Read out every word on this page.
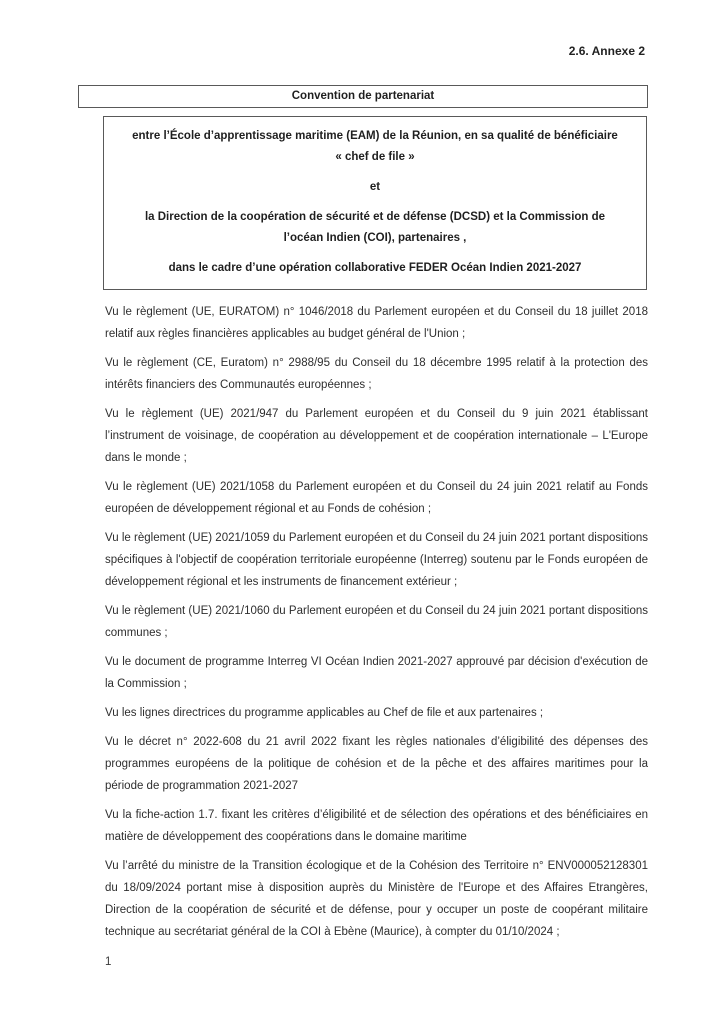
2.6. Annexe 2
Convention de partenariat

entre l’École d’apprentissage maritime (EAM) de la Réunion, en sa qualité de bénéficiaire « chef de file »

et

la Direction de la coopération de sécurité et de défense (DCSD) et la Commission de l’océan Indien (COI), partenaires ,

dans le cadre d’une opération collaborative FEDER Océan Indien 2021-2027

Vu le règlement (UE, EURATOM) n° 1046/2018 du Parlement européen et du Conseil du 18 juillet 2018 relatif aux règles financières applicables au budget général de l'Union ;

Vu le règlement (CE, Euratom) n° 2988/95 du Conseil du 18 décembre 1995 relatif à la protection des intérêts financiers des Communautés européennes ;

Vu le règlement (UE) 2021/947 du Parlement européen et du Conseil du 9 juin 2021 établissant l’instrument de voisinage, de coopération au développement et de coopération internationale – L'Europe dans le monde ;

Vu le règlement (UE) 2021/1058 du Parlement européen et du Conseil du 24 juin 2021 relatif au Fonds européen de développement régional et au Fonds de cohésion ;

Vu le règlement (UE) 2021/1059 du Parlement européen et du Conseil du 24 juin 2021 portant dispositions spécifiques à l'objectif de coopération territoriale européenne (Interreg) soutenu par le Fonds européen de développement régional et les instruments de financement extérieur ;

Vu le règlement (UE) 2021/1060 du Parlement européen et du Conseil du 24 juin 2021 portant dispositions communes ;

Vu le document de programme Interreg VI Océan Indien 2021-2027 approuvé par décision d'exécution de la Commission ;

Vu les lignes directrices du programme applicables au Chef de file et aux partenaires ;

Vu le décret n° 2022-608 du 21 avril 2022 fixant les règles nationales d’éligibilité des dépenses des programmes européens de la politique de cohésion et de la pêche et des affaires maritimes pour la période de programmation 2021-2027

Vu la fiche-action 1.7. fixant les critères d’éligibilité et de sélection des opérations et des bénéficiaires en matière de développement des coopérations dans le domaine maritime

Vu l’arrêté du ministre de la Transition écologique et de la Cohésion des Territoire n° ENV000052128301 du 18/09/2024 portant mise à disposition auprès du Ministère de l'Europe et des Affaires Etrangères, Direction de la coopération de sécurité et de défense, pour y occuper un poste de coopérant militaire technique au secrétariat général de la COI à Ebène (Maurice), à compter du 01/10/2024 ;

1
